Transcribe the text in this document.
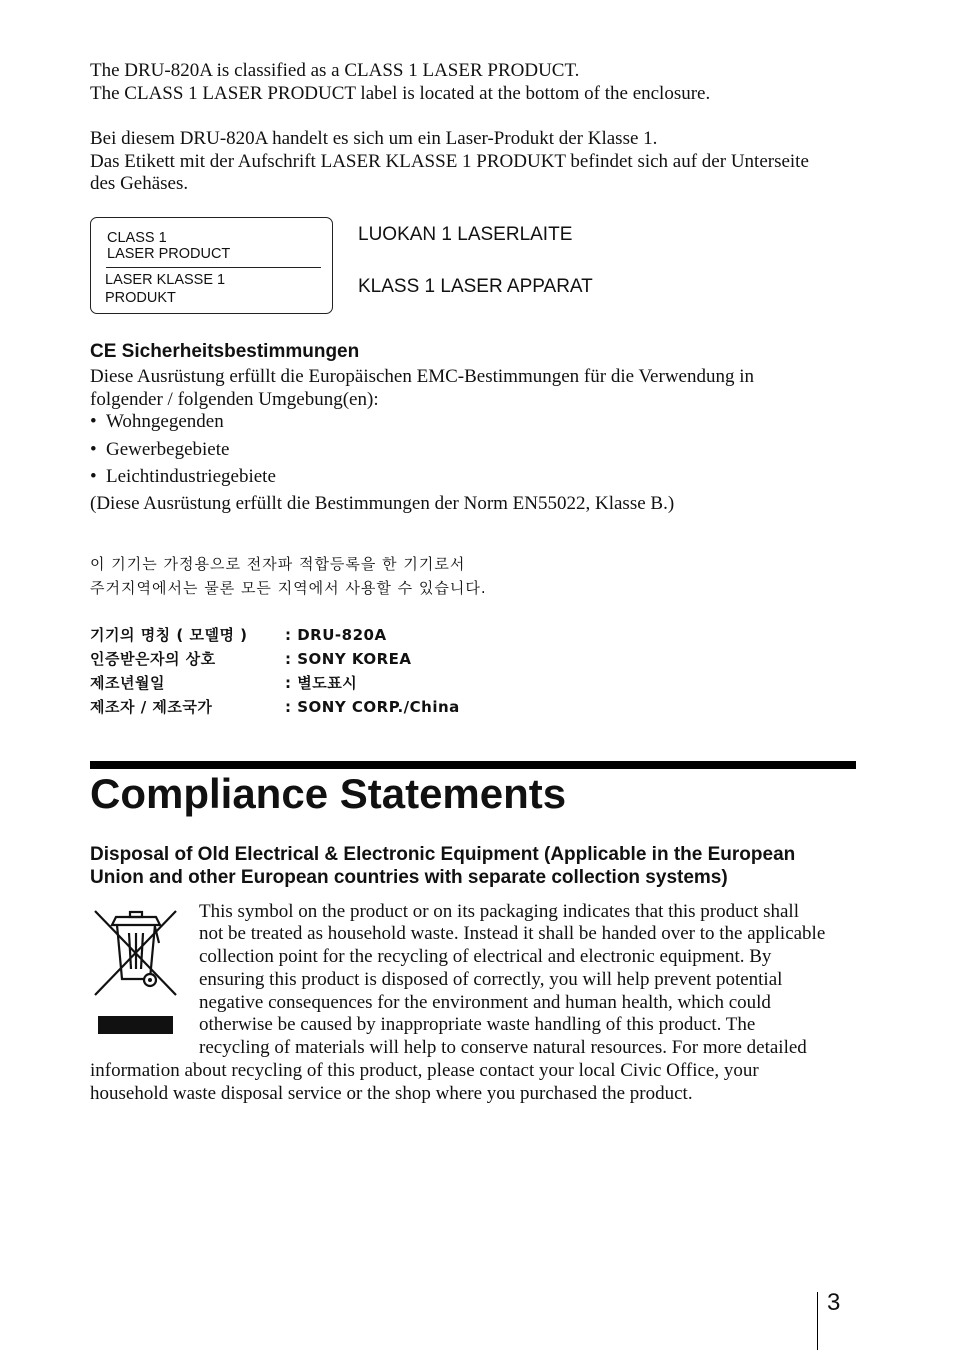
The DRU-820A is classified as a CLASS 1 LASER PRODUCT.
The CLASS 1 LASER PRODUCT label is located at the bottom of the enclosure.
Bei diesem DRU-820A handelt es sich um ein Laser-Produkt der Klasse 1.
Das Etikett mit der Aufschrift LASER KLASSE 1 PRODUKT befindet sich auf der Unterseite
des Gehäses.
CLASS 1
LASER PRODUCT
LASER KLASSE 1
PRODUKT
LUOKAN 1 LASERLAITE
KLASS 1 LASER APPARAT
CE Sicherheitsbestimmungen
Diese Ausrüstung erfüllt die Europäischen EMC-Bestimmungen für die Verwendung in
folgender / folgenden Umgebung(en):
• Wohngegenden
• Gewerbegebiete
• Leichtindustriegebiete
(Diese Ausrüstung erfüllt die Bestimmungen der Norm EN55022, Klasse B.)
이 기기는 가정용으로 전자파 적합등록을 한 기기로서
주거지역에서는 물론 모든 지역에서 사용할 수 있습니다.
기기의 명칭 ( 모델명 ) : DRU-820A
인증받은자의 상호	: SONY KOREA
제조년월일	: 별도표시
제조자 / 제조국가	: SONY CORP./China
Compliance Statements
Disposal of Old Electrical & Electronic Equipment (Applicable in the European
Union and other European countries with separate collection systems)
This symbol on the product or on its packaging indicates that this product shall
not be treated as household waste. Instead it shall be handed over to the applicable
collection point for the recycling of electrical and electronic equipment. By
ensuring this product is disposed of correctly, you will help prevent potential
negative consequences for the environment and human health, which could
otherwise be caused by inappropriate waste handling of this product. The
recycling of materials will help to conserve natural resources. For more detailed
information about recycling of this product, please contact your local Civic Office, your
household waste disposal service or the shop where you purchased the product.
3
